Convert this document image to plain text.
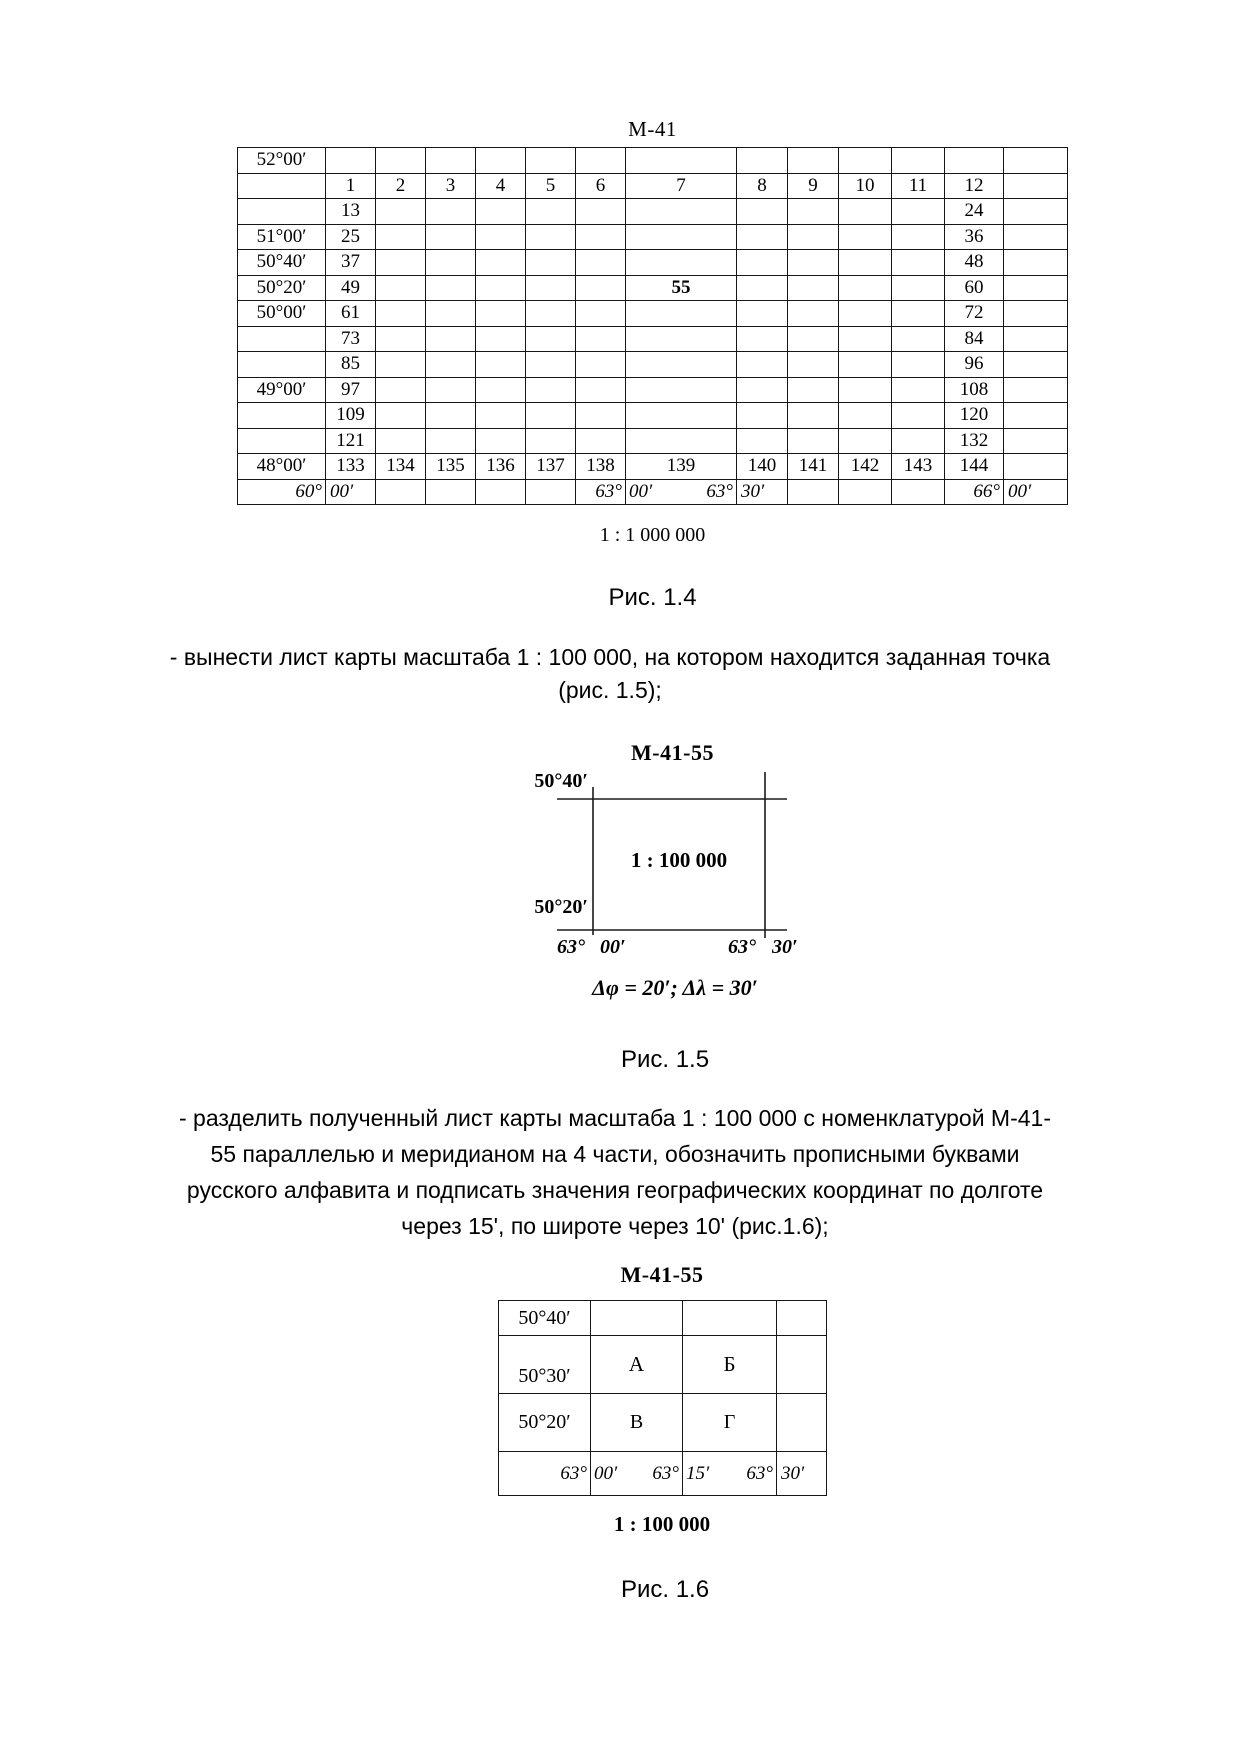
М-41
52°00′													
	1	2	3	4	5	6	7	8	9	10	11	12	
	13											24	
51°00′	25											36	
50°40′	37											48	
50°20′	49						55					60	
50°00′	61											72	
	73											84	
	85											96	
49°00′	97											108	
	109											120	
	121											132	
48°00′	133	134	135	136	137	138	139	140	141	142	143	144	
60°	00′					63°	00′ 63°	30′				66°	00′
1 : 1 000 000
Рис. 1.4
- вынести лист карты масштаба 1 : 100 000, на котором находится заданная точка
(рис. 1.5);
М-41-55
50°40′
50°20′
1 : 100 000
63° 00′	63° 30′
Δφ = 20′; Δλ = 30′
Рис. 1.5
- разделить полученный лист карты масштаба 1 : 100 000 с номенклатурой М-41-
55 параллелью и меридианом на 4 части, обозначить прописными буквами
русского алфавита и подписать значения географических координат по долготе
через 15', по широте через 10' (рис.1.6);
М-41-55
50°40′			
50°30′	А	Б	
50°20′	В	Г	
63°	00′ 63°	15′ 63°	30′
1 : 100 000
Рис. 1.6
